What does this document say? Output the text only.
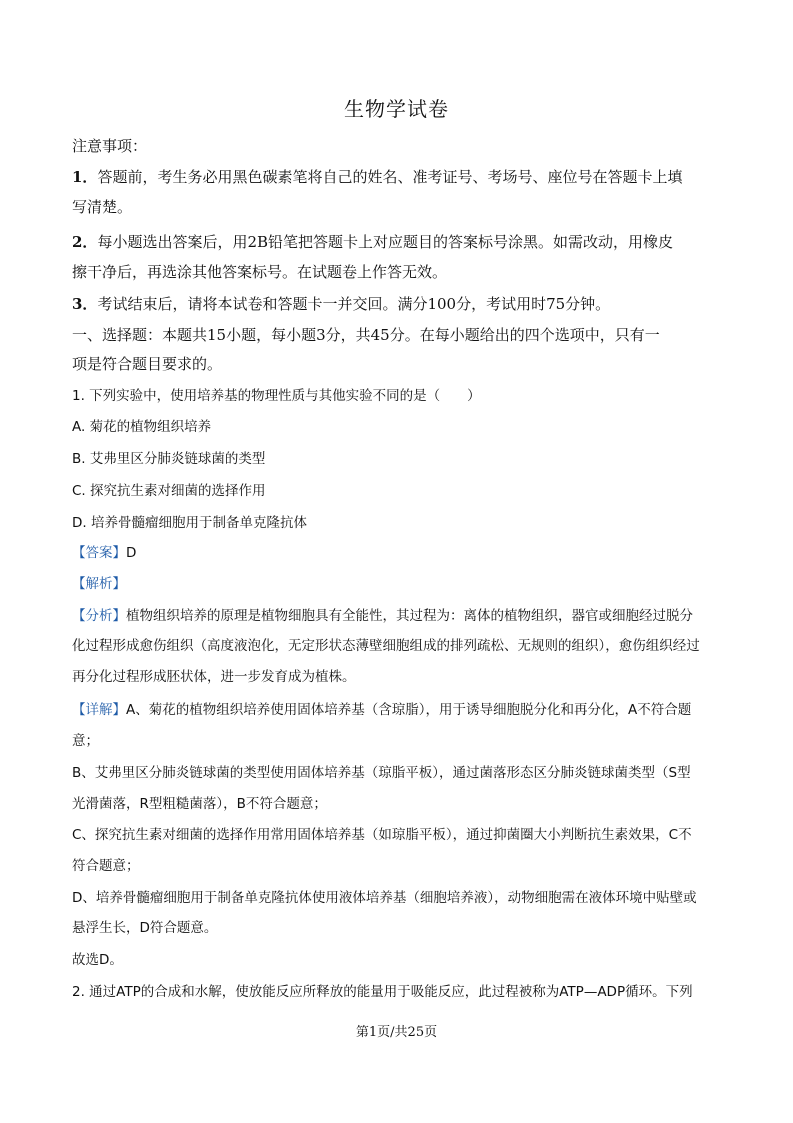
生物学试卷
注意事项：
1．答题前，考生务必用黑色碳素笔将自己的姓名、准考证号、考场号、座位号在答题卡上填
写清楚。
2．每小题选出答案后，用2B铅笔把答题卡上对应题目的答案标号涂黑。如需改动，用橡皮
擦干净后，再选涂其他答案标号。在试题卷上作答无效。
3．考试结束后，请将本试卷和答题卡一并交回。满分100分，考试用时75分钟。
一、选择题：本题共15小题，每小题3分，共45分。在每小题给出的四个选项中，只有一
项是符合题目要求的。
1. 下列实验中，使用培养基的物理性质与其他实验不同的是（　　）
A. 菊花的植物组织培养
B. 艾弗里区分肺炎链球菌的类型
C. 探究抗生素对细菌的选择作用
D. 培养骨髓瘤细胞用于制备单克隆抗体
【答案】D
【解析】
【分析】植物组织培养的原理是植物细胞具有全能性，其过程为：离体的植物组织，器官或细胞经过脱分
化过程形成愈伤组织（高度液泡化，无定形状态薄壁细胞组成的排列疏松、无规则的组织），愈伤组织经过
再分化过程形成胚状体，进一步发育成为植株。
【详解】A、菊花的植物组织培养使用固体培养基（含琼脂），用于诱导细胞脱分化和再分化，A不符合题
意；
B、艾弗里区分肺炎链球菌的类型使用固体培养基（琼脂平板），通过菌落形态区分肺炎链球菌类型（S型
光滑菌落，R型粗糙菌落），B不符合题意；
C、探究抗生素对细菌的选择作用常用固体培养基（如琼脂平板），通过抑菌圈大小判断抗生素效果，C不
符合题意；
D、培养骨髓瘤细胞用于制备单克隆抗体使用液体培养基（细胞培养液），动物细胞需在液体环境中贴壁或
悬浮生长，D符合题意。
故选D。
2. 通过ATP的合成和水解，使放能反应所释放的能量用于吸能反应，此过程被称为ATP—ADP循环。下列
第1页/共25页
